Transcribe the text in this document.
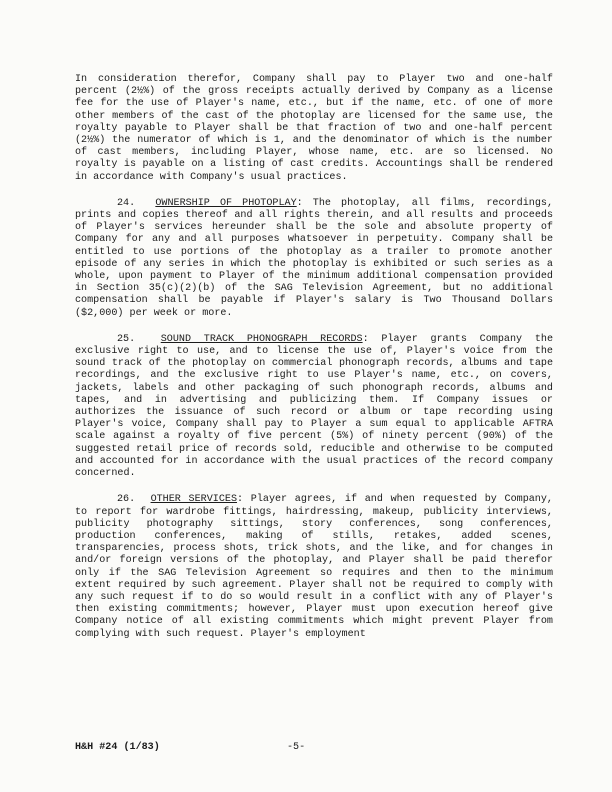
In consideration therefor, Company shall pay to Player two and one-half percent (2½%) of the gross receipts actually derived by Company as a license fee for the use of Player's name, etc., but if the name, etc. of one of more other members of the cast of the photoplay are licensed for the same use, the royalty payable to Player shall be that fraction of two and one-half percent (2½%) the numerator of which is 1, and the denominator of which is the number of cast members, including Player, whose name, etc. are so licensed. No royalty is payable on a listing of cast credits. Accountings shall be rendered in accordance with Company's usual practices.

24. OWNERSHIP OF PHOTOPLAY: The photoplay, all films, recordings, prints and copies thereof and all rights therein, and all results and proceeds of Player's services hereunder shall be the sole and absolute property of Company for any and all purposes whatsoever in perpetuity. Company shall be entitled to use portions of the photoplay as a trailer to promote another episode of any series in which the photoplay is exhibited or such series as a whole, upon payment to Player of the minimum additional compensation provided in Section 35(c)(2)(b) of the SAG Television Agreement, but no additional compensation shall be payable if Player's salary is Two Thousand Dollars ($2,000) per week or more.

25.	SOUND TRACK PHONOGRAPH RECORDS: Player grants Company the exclusive right to use, and to license the use of, Player's voice from the sound track of the photoplay on commercial phonograph records, albums and tape recordings, and the exclusive right to use Player's name, etc., on covers, jackets, labels and other packaging of such phonograph records, albums and tapes, and in advertising and publicizing them. If Company issues or authorizes the issuance of such record or album or tape recording using Player's voice, Company shall pay to Player a sum equal to applicable AFTRA scale against a royalty of five percent (5%) of ninety percent (90%) of the suggested retail price of records sold, reducible and otherwise to be computed and accounted for in accordance with the usual practices of the record company concerned.

26. OTHER SERVICES: Player agrees, if and when requested by Company, to report for wardrobe fittings, hairdressing, makeup, publicity interviews, publicity photography sittings, story conferences, song conferences, production conferences, making of stills, retakes, added scenes, transparencies, process shots, trick shots, and the like, and for changes in and/or foreign versions of the photoplay, and Player shall be paid therefor only if the SAG Television Agreement so requires and then to the minimum extent required by such agreement. Player shall not be required to comply with any such request if to do so would result in a conflict with any of Player's then existing commitments; however, Player must upon execution hereof give Company notice of all existing commitments which might prevent Player from complying with such request. Player's employment

H&H #24 (1/83)	-5-
